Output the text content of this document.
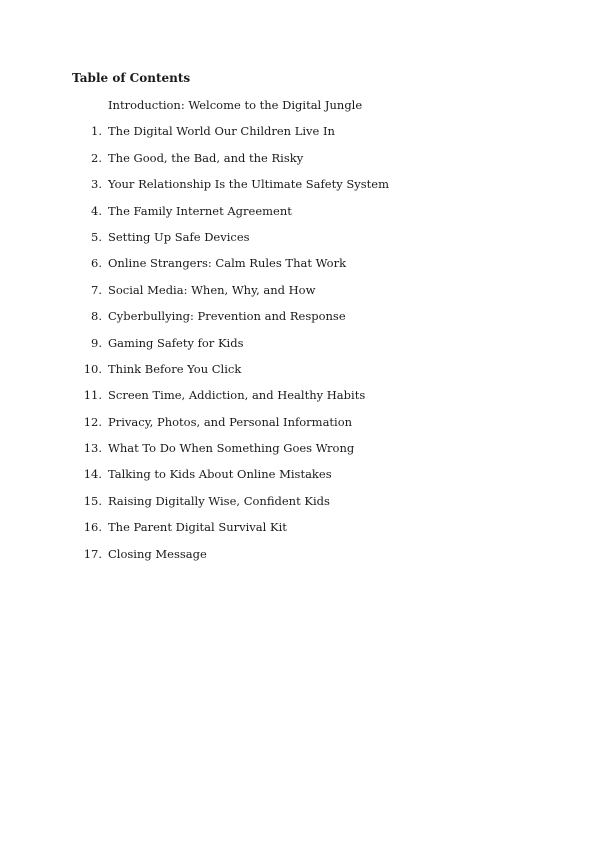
Table of Contents
Introduction: Welcome to the Digital Jungle
1. The Digital World Our Children Live In
2. The Good, the Bad, and the Risky
3. Your Relationship Is the Ultimate Safety System
4. The Family Internet Agreement
5. Setting Up Safe Devices
6. Online Strangers: Calm Rules That Work
7. Social Media: When, Why, and How
8. Cyberbullying: Prevention and Response
9. Gaming Safety for Kids
10. Think Before You Click
11. Screen Time, Addiction, and Healthy Habits
12. Privacy, Photos, and Personal Information
13. What To Do When Something Goes Wrong
14. Talking to Kids About Online Mistakes
15. Raising Digitally Wise, Confident Kids
16. The Parent Digital Survival Kit
17. Closing Message
